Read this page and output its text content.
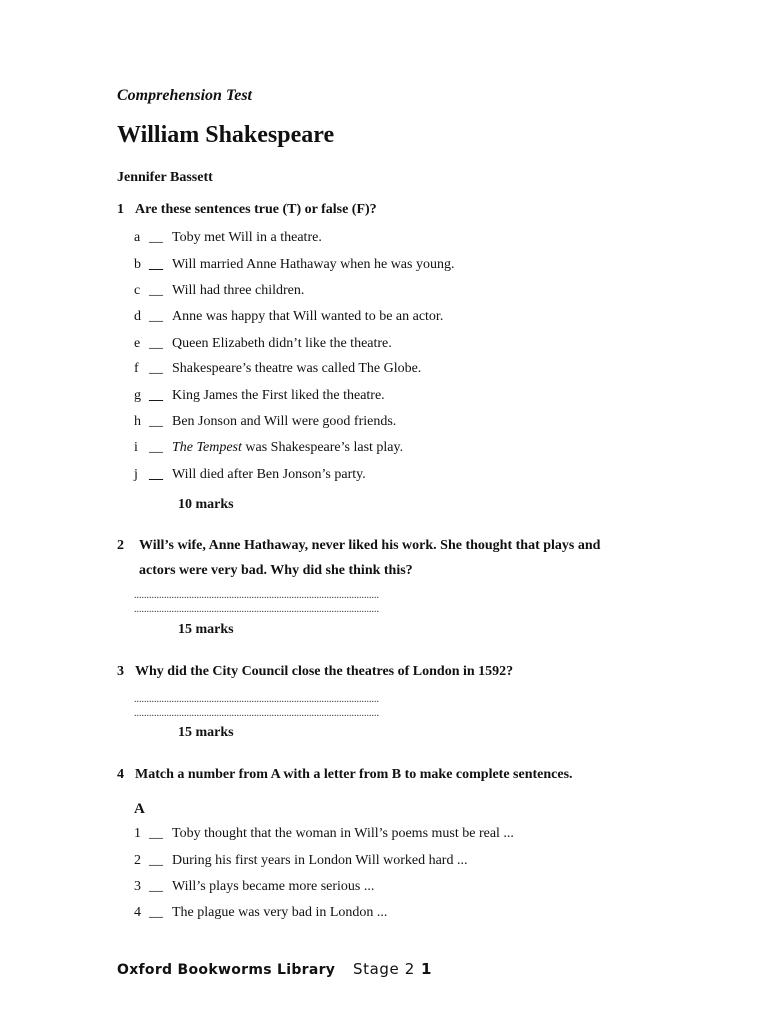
Comprehension Test
William Shakespeare
Jennifer Bassett
1 Are these sentences true (T) or false (F)?
a __ Toby met Will in a theatre.
b __ Will married Anne Hathaway when he was young.
c __ Will had three children.
d __ Anne was happy that Will wanted to be an actor.
e __ Queen Elizabeth didn’t like the theatre.
f __ Shakespeare’s theatre was called The Globe.
g __ King James the First liked the theatre.
h __ Ben Jonson and Will were good friends.
i __ The Tempest was Shakespeare’s last play.
j __ Will died after Ben Jonson’s party.
10 marks
2 Will’s wife, Anne Hathaway, never liked his work. She thought that plays and
actors were very bad. Why did she think this?
..................................................................................................
..................................................................................................
15 marks
3 Why did the City Council close the theatres of London in 1592?
..................................................................................................
..................................................................................................
15 marks
4 Match a number from A with a letter from B to make complete sentences.
A
1 __ Toby thought that the woman in Will’s poems must be real ...
2 __ During his first years in London Will worked hard ...
3 __ Will’s plays became more serious ...
4 __ The plague was very bad in London ...
Oxford Bookworms Library Stage 2 1
